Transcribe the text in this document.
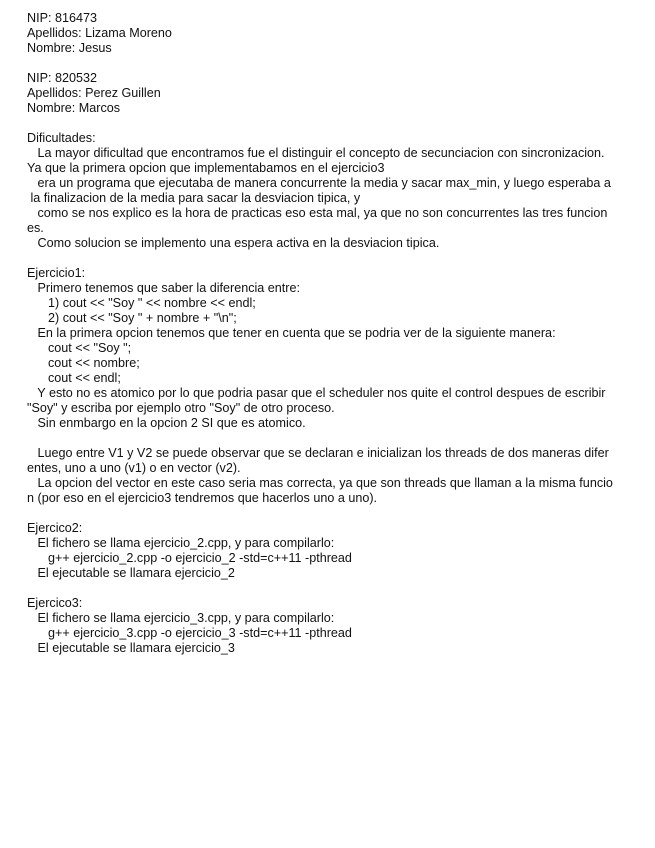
NIP: 816473
Apellidos: Lizama Moreno
Nombre: Jesus
NIP: 820532
Apellidos: Perez Guillen
Nombre: Marcos
Dificultades:
La mayor dificultad que encontramos fue el distinguir el concepto de secunciacion con sincronizacion.
Ya que la primera opcion que implementabamos en el ejercicio3
era un programa que ejecutaba de manera concurrente la media y sacar max_min, y luego esperaba a
la finalizacion de la media para sacar la desviacion tipica, y
como se nos explico es la hora de practicas eso esta mal, ya que no son concurrentes las tres funcion
es.
Como solucion se implemento una espera activa en la desviacion tipica.
Ejercicio1:
Primero tenemos que saber la diferencia entre:
1) cout << "Soy " << nombre << endl;
2) cout << "Soy " + nombre + "\n";
En la primera opcion tenemos que tener en cuenta que se podria ver de la siguiente manera:
cout << "Soy ";
cout << nombre;
cout << endl;
Y esto no es atomico por lo que podria pasar que el scheduler nos quite el control despues de escribir
"Soy" y escriba por ejemplo otro "Soy" de otro proceso.
Sin enmbargo en la opcion 2 SI que es atomico.
Luego entre V1 y V2 se puede observar que se declaran e inicializan los threads de dos maneras difer
entes, uno a uno (v1) o en vector (v2).
La opcion del vector en este caso seria mas correcta, ya que son threads que llaman a la misma funcio
n (por eso en el ejercicio3 tendremos que hacerlos uno a uno).
Ejercico2:
El fichero se llama ejercicio_2.cpp, y para compilarlo:
g++ ejercicio_2.cpp -o ejercicio_2 -std=c++11 -pthread
El ejecutable se llamara ejercicio_2
Ejercico3:
El fichero se llama ejercicio_3.cpp, y para compilarlo:
g++ ejercicio_3.cpp -o ejercicio_3 -std=c++11 -pthread
El ejecutable se llamara ejercicio_3
